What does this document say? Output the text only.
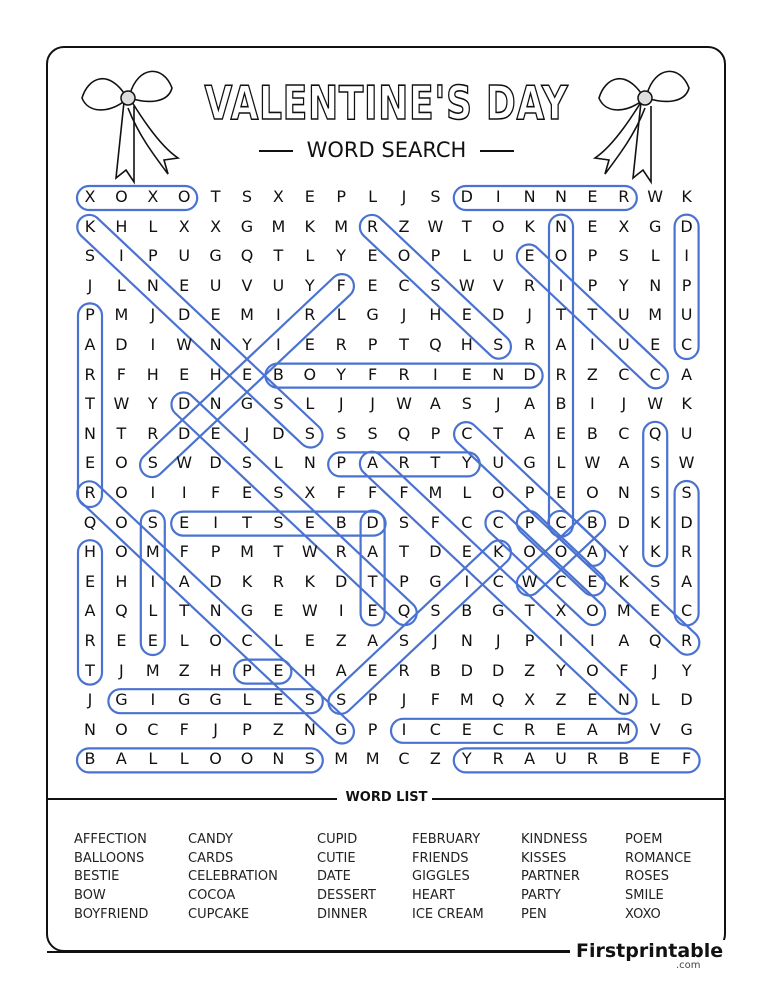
VALENTINE'S DAY
WORD SEARCH
X	O	X	O	T	S	X	E	P	L	J	S	D	I	N	N	E	R	W	K
K	H	L	X	X	G	M	K	M	R	Z	W	T	O	K	N	E	X	G	D
S	I	P	U	G	Q	T	L	Y	E	O	P	L	U	E	O	P	S	L	I
J	L	N	E	U	V	U	Y	F	E	C	S	W	V	R	I	P	Y	N	P
P	M	J	D	E	M	I	R	L	G	J	H	E	D	J	T	T	U	M	U
A	D	I	W	N	Y	I	E	R	P	T	Q	H	S	R	A	I	U	E	C
R	F	H	E	H	E	B	O	Y	F	R	I	E	N	D	R	Z	C	C	A
T	W	Y	D	N	G	S	L	J	J	W	A	S	J	A	B	I	J	W	K
N	T	R	D	E	J	D	S	S	S	Q	P	C	T	A	E	B	C	Q	U
E	O	S	W	D	S	L	N	P	A	R	T	Y	U	G	L	W	A	S	W
R	O	I	I	F	E	S	X	F	F	F	M	L	O	P	E	O	N	S	S
Q	O	S	E	I	T	S	E	B	D	S	F	C	C	P	C	B	D	K	D
H	O	M	F	P	M	T	W	R	A	T	D	E	K	O	O	A	Y	K	R
E	H	I	A	D	K	R	K	D	T	P	G	I	C	W	C	E	K	S	A
A	Q	L	T	N	G	E	W	I	E	Q	S	B	G	T	X	O	M	E	C
R	E	E	L	O	C	L	E	Z	A	S	J	N	J	P	I	I	A	Q	R
T	J	M	Z	H	P	E	H	A	E	R	B	D	D	Z	Y	O	F	J	Y
J	G	I	G	G	L	E	S	S	P	J	F	M	Q	X	Z	E	N	L	D
N	O	C	F	J	P	Z	N	G	P	I	C	E	C	R	E	A	M	V	G
B	A	L	L	O	O	N	S	M	M	C	Z	Y	R	A	U	R	B	E	F
WORD LIST
AFFECTION
BALLOONS
BESTIE
BOW
BOYFRIEND
CANDY
CARDS
CELEBRATION
COCOA
CUPCAKE
CUPID
CUTIE
DATE
DESSERT
DINNER
FEBRUARY
FRIENDS
GIGGLES
HEART
ICE CREAM
KINDNESS
KISSES
PARTNER
PARTY
PEN
POEM
ROMANCE
ROSES
SMILE
XOXO
Firstprintable
.com
